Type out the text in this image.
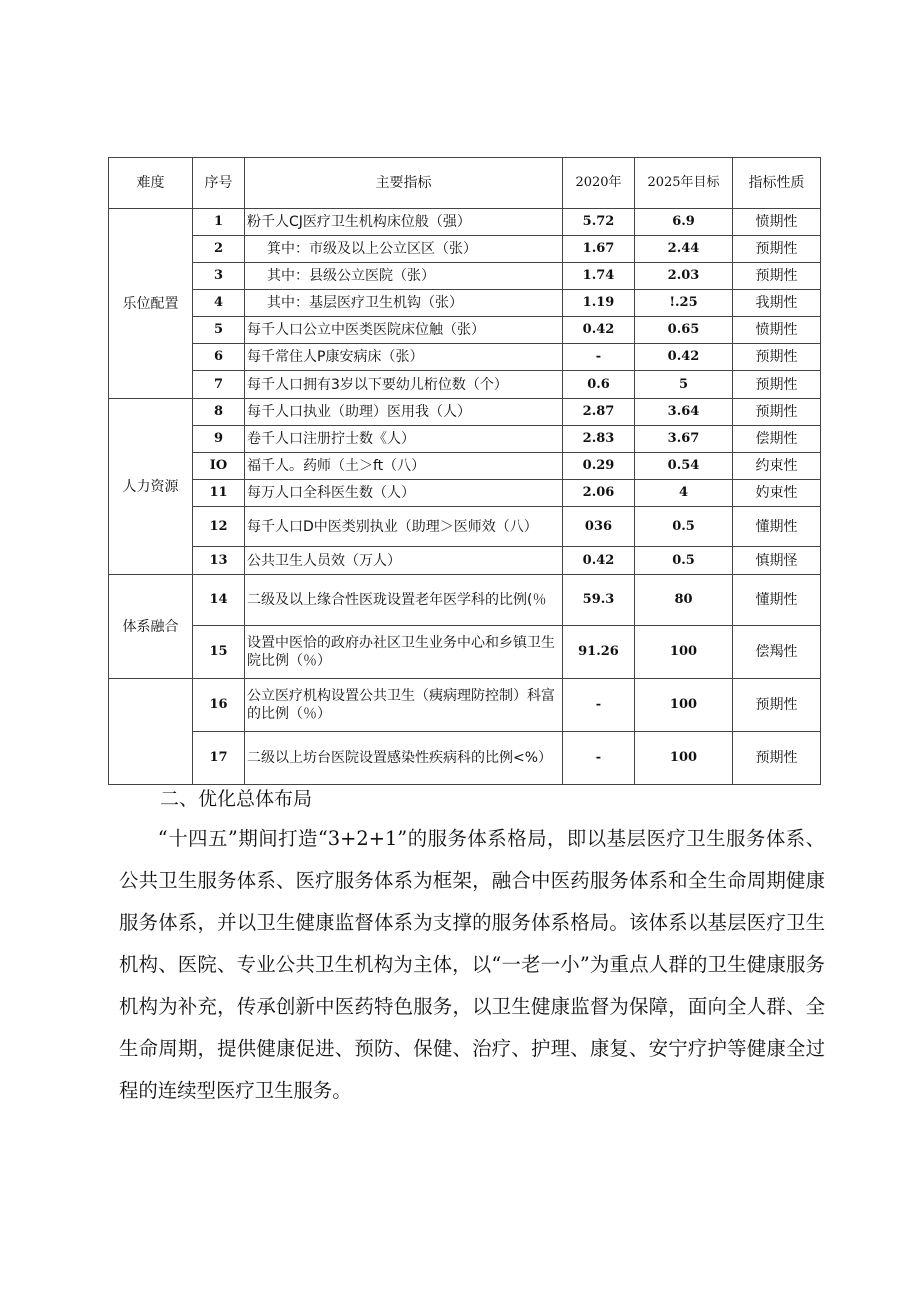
难度	序号	主要指标	2020年	2025年目标	指标性质
乐位配置	1	粉千人CJ医疗卫生机构床位般（强）	5.72	6.9	愤期性
	2	箕中：市级及以上公立区区（张）	1.67	2.44	预期性
	3	其中：县级公立医院（张）	1.74	2.03	预期性
	4	其中：基层医疗卫生机钩（张）	1.19	!.25	我期性
	5	每千人口公立中医类医院床位触（张）	0.42	0.65	愤期性
	6	每千常住人P康安病床（张）	-	0.42	预期性
	7	每千人口拥有3岁以下要幼儿桁位数（个）	0.6	5	预期性
人力资源	8	每千人口执业（助理）医用我（人）	2.87	3.64	预期性
	9	卷千人口注册拧士数《人）	2.83	3.67	偿期性
	IO	福千人。药师（土＞ft（八）	0.29	0.54	约束性
	11	每万人口全科医生数（人）	2.06	4	妁束性
	12	每千人口D中医类别执业（助理＞医师效（八）	036	0.5	懂期性
	13	公共卫生人员效（万人）	0.42	0.5	慎期怪
体系融合	14	二级及以上缘合性医珑设置老年医学科的比例(％	59.3	80	懂期性
	15	设置中医恰的政府办社区卫生业务中心和乡镇卫生院比例（％）	91.26	100	偿羯性
	16	公立医疗机构设置公共卫生（痍病理防控制）科富的比例（％）	-	100	预期性
	17	二级以上坊台医院设置感染性疾病科的比例<%）	-	100	预期性
二、优化总体布局

“十四五”期间打造“3+2+1”的服务体系格局，即以基层医疗卫生服务体系、公共卫生服务体系、医疗服务体系为框架，融合中医药服务体系和全生命周期健康服务体系，并以卫生健康监督体系为支撑的服务体系格局。该体系以基层医疗卫生机构、医院、专业公共卫生机构为主体，以“一老一小”为重点人群的卫生健康服务机构为补充，传承创新中医药特色服务，以卫生健康监督为保障，面向全人群、全生命周期，提供健康促进、预防、保健、治疗、护理、康复、安宁疗护等健康全过程的连续型医疗卫生服务。
